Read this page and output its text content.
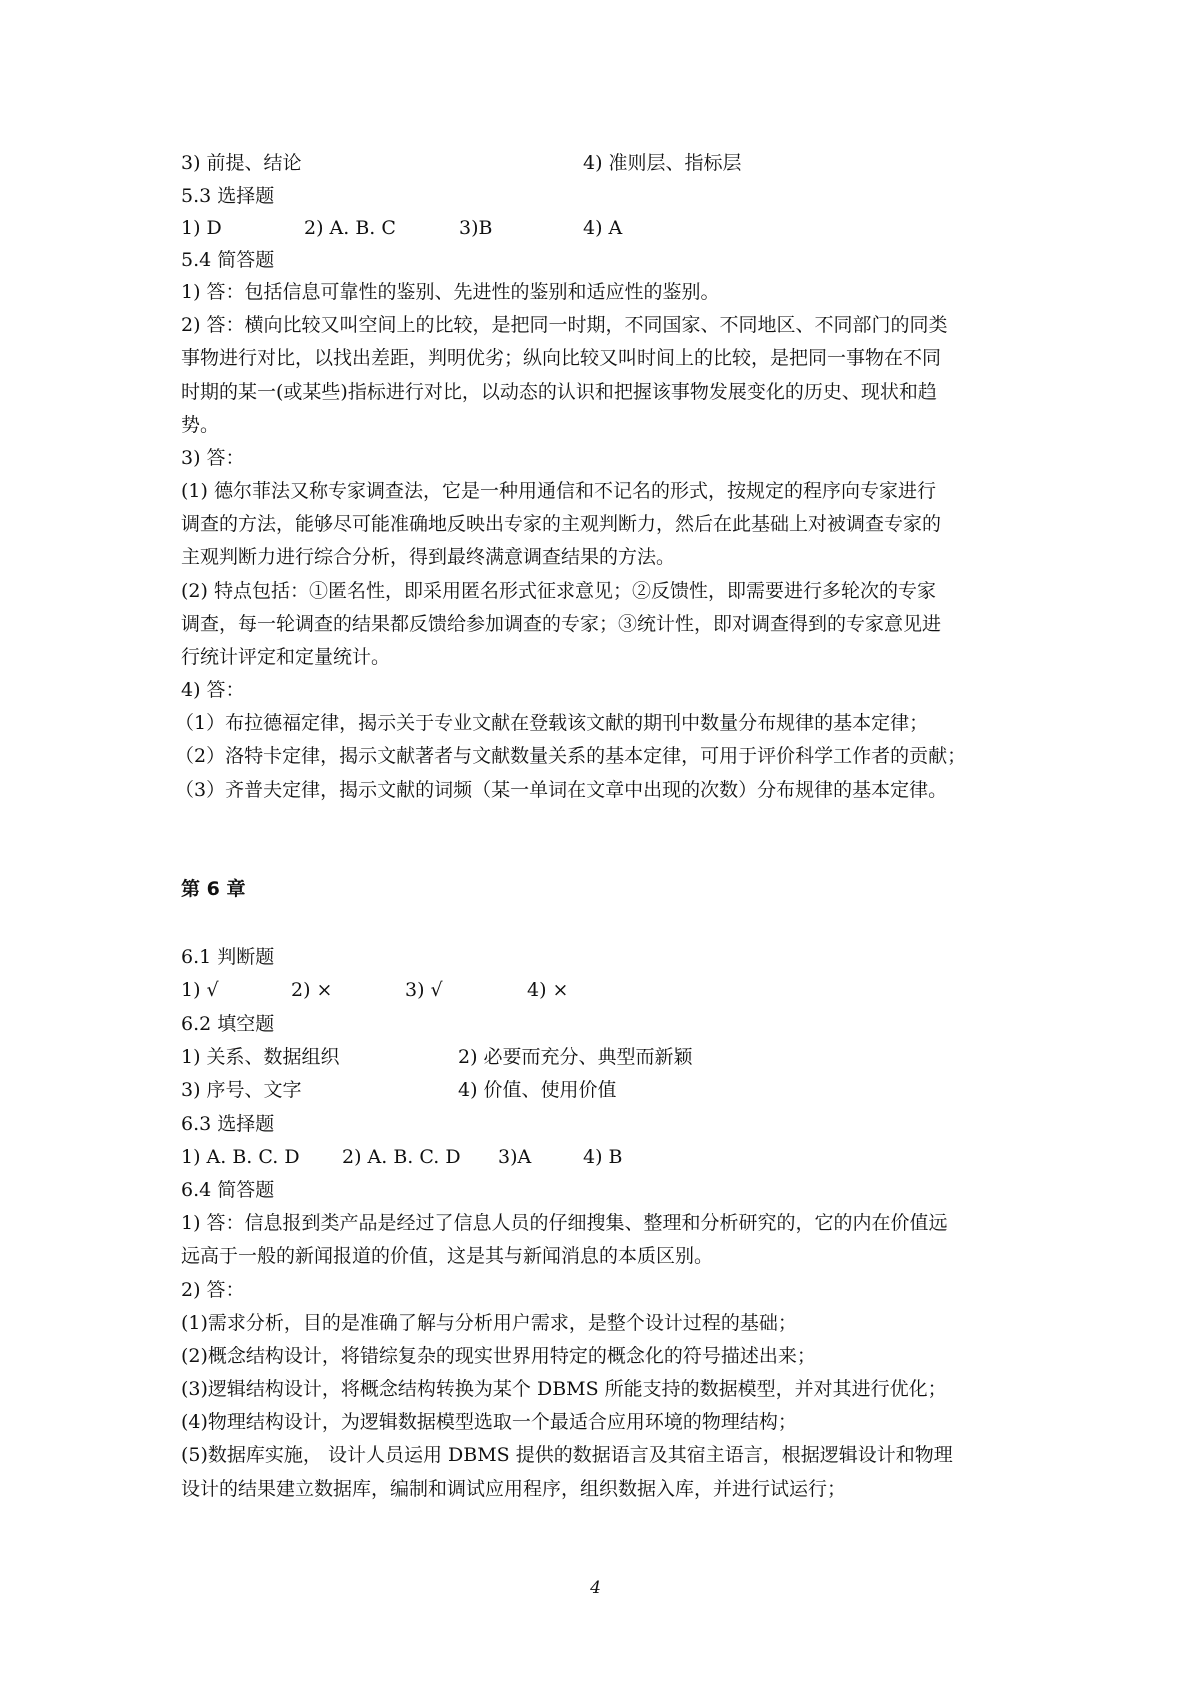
3) 前提、结论	4) 准则层、指标层
5.3 选择题
1) D	2) A. B. C	3)B	4) A
5.4 简答题
1) 答：包括信息可靠性的鉴别、先进性的鉴别和适应性的鉴别。
2) 答：横向比较又叫空间上的比较，是把同一时期，不同国家、不同地区、不同部门的同类
事物进行对比，以找出差距，判明优劣；纵向比较又叫时间上的比较，是把同一事物在不同
时期的某一(或某些)指标进行对比，以动态的认识和把握该事物发展变化的历史、现状和趋
势。
3) 答：
(1) 德尔菲法又称专家调查法，它是一种用通信和不记名的形式，按规定的程序向专家进行
调查的方法，能够尽可能准确地反映出专家的主观判断力，然后在此基础上对被调查专家的
主观判断力进行综合分析，得到最终满意调查结果的方法。
(2) 特点包括：①匿名性，即采用匿名形式征求意见；②反馈性，即需要进行多轮次的专家
调查，每一轮调查的结果都反馈给参加调查的专家；③统计性，即对调查得到的专家意见进
行统计评定和定量统计。
4) 答：
（1）布拉德福定律，揭示关于专业文献在登载该文献的期刊中数量分布规律的基本定律；
（2）洛特卡定律，揭示文献著者与文献数量关系的基本定律，可用于评价科学工作者的贡献；
（3）齐普夫定律，揭示文献的词频（某一单词在文章中出现的次数）分布规律的基本定律。
第 6 章
6.1 判断题
1) √	2) ×	3) √	4) ×
6.2 填空题
1) 关系、数据组织	2) 必要而充分、典型而新颖
3) 序号、文字	4) 价值、使用价值
6.3 选择题
1) A. B. C. D 2) A. B. C. D 3)A	4) B
6.4 简答题
1) 答：信息报到类产品是经过了信息人员的仔细搜集、整理和分析研究的，它的内在价值远
远高于一般的新闻报道的价值，这是其与新闻消息的本质区别。
2) 答：
(1)需求分析，目的是准确了解与分析用户需求，是整个设计过程的基础；
(2)概念结构设计，将错综复杂的现实世界用特定的概念化的符号描述出来；
(3)逻辑结构设计，将概念结构转换为某个 DBMS 所能支持的数据模型，并对其进行优化；
(4)物理结构设计，为逻辑数据模型选取一个最适合应用环境的物理结构；
(5)数据库实施， 设计人员运用 DBMS 提供的数据语言及其宿主语言，根据逻辑设计和物理
设计的结果建立数据库，编制和调试应用程序，组织数据入库，并进行试运行；
4
